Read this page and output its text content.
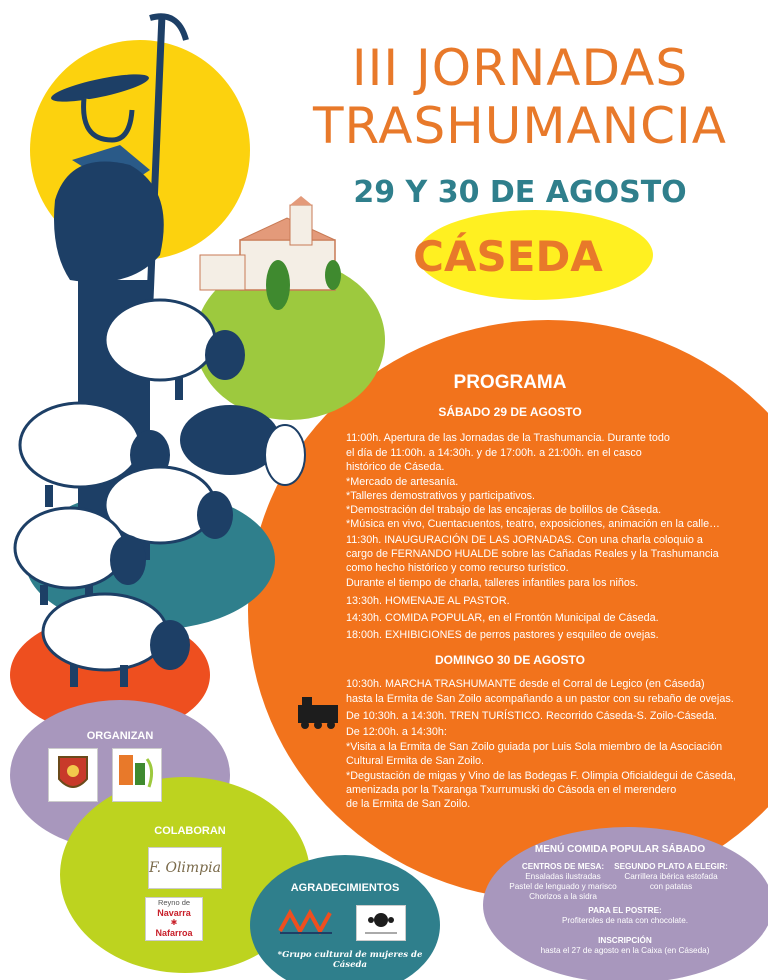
III JORNADAS
TRASHUMANCIA
29 Y 30 DE AGOSTO
CÁSEDA
PROGRAMA
SÁBADO 29 DE AGOSTO
11:00h. Apertura de las Jornadas de la Trashumancia. Durante todo
el día de 11:00h. a 14:30h. y de 17:00h. a 21:00h. en el casco
histórico de Cáseda.
*Mercado de artesanía.
*Talleres demostrativos y participativos.
*Demostración del trabajo de las encajeras de bolillos de Cáseda.
*Música en vivo, Cuentacuentos, teatro, exposiciones, animación en la calle…
11:30h. INAUGURACIÓN DE LAS JORNADAS. Con una charla coloquio a
cargo de FERNANDO HUALDE sobre las Cañadas Reales y la Trashumancia
como hecho histórico y como recurso turístico.
Durante el tiempo de charla, talleres infantiles para los niños.
13:30h. HOMENAJE AL PASTOR.
14:30h. COMIDA POPULAR, en el Frontón Municipal de Cáseda.
18:00h. EXHIBICIONES de perros pastores y esquileo de ovejas.
DOMINGO 30 DE AGOSTO
10:30h. MARCHA TRASHUMANTE desde el Corral de Legico (en Cáseda)
hasta la Ermita de San Zoilo acompañando a un pastor con su rebaño de ovejas.
De 10:30h. a 14:30h. TREN TURÍSTICO. Recorrido Cáseda-S. Zoilo-Cáseda.
De 12:00h. a 14:30h:
*Visita a la Ermita de San Zoilo guiada por Luis Sola miembro de la Asociación
Cultural Ermita de San Zoilo.
*Degustación de migas y Vino de las Bodegas F. Olimpia Oficialdegui de Cáseda,
amenizada por la Txaranga Txurrumuski do Cásoda en el merendero
de la Ermita de San Zoilo.
ORGANIZAN
COLABORAN
F. Olimpia
Reyno de
Navarra
✱
Nafarroa
AGRADECIMIENTOS
*Grupo cultural de mujeres de Cáseda
MENÚ COMIDA POPULAR SÁBADO
CENTROS DE MESA:
Ensaladas ilustradas
Pastel de lenguado y marisco
Chorizos a la sidra
SEGUNDO PLATO A ELEGIR:
Carrillera ibérica estofada
con patatas
PARA EL POSTRE:
Profiteroles de nata con chocolate.
INSCRIPCIÓN
hasta el 27 de agosto en la Caixa (en Cáseda)
